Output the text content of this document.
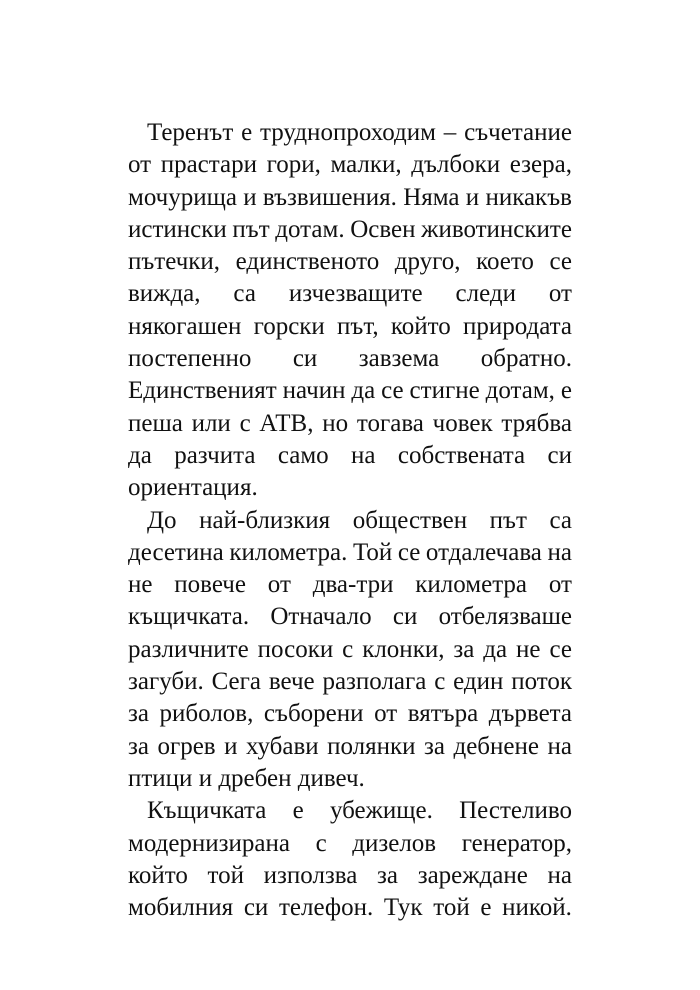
Теренът е труднопроходим – съчетание
от прастари гори, малки, дълбоки езера,
мочурища и възвишения. Няма и никакъв
истински път дотам. Освен животинските
пътечки, единственото друго, което се
вижда, са изчезващите следи от
някогашен горски път, който природата
постепенно си завзема обратно.
Единственият начин да се стигне дотам, е
пеша или с АТВ, но тогава човек трябва
да разчита само на собствената си
ориентация.
До най-близкия обществен път са
десетина километра. Той се отдалечава на
не повече от два-три километра от
къщичката. Отначало си отбелязваше
различните посоки с клонки, за да не се
загуби. Сега вече разполага с един поток
за риболов, съборени от вятъра дървета
за огрев и хубави полянки за дебнене на
птици и дребен дивеч.
Къщичката е убежище. Пестеливо
модернизирана с дизелов генератор,
който той използва за зареждане на
мобилния си телефон. Тук той е никой.
